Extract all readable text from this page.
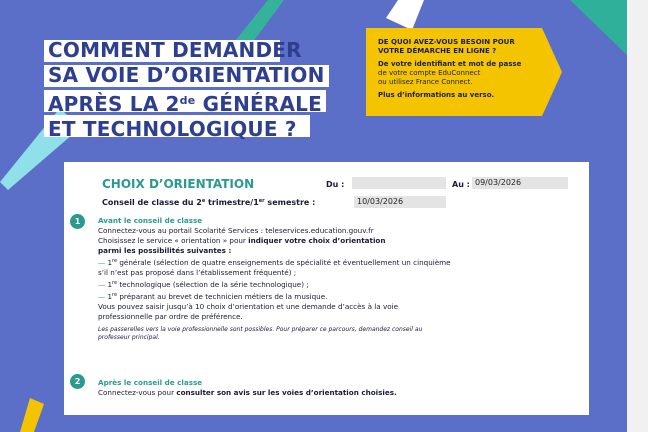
COMMENT DEMANDER
SA VOIE D’ORIENTATION
APRÈS LA 2de GÉNÉRALE
ET TECHNOLOGIQUE ?

DE QUOI AVEZ-VOUS BESOIN POUR
VOTRE DÉMARCHE EN LIGNE ?

De votre identifiant et mot de passe
de votre compte EduConnect
ou utilisez France Connect.

Plus d’informations au verso.

CHOIX D’ORIENTATION	Du :	Au : 09/03/2026
Conseil de classe du 2e trimestre/1er semestre :	10/03/2026
1	Avant le conseil de classe
Connectez-vous au portail Scolarité Services : teleservices.education.gouv.fr
Choisissez le service « orientation » pour indiquer votre choix d’orientation
parmi les possibilités suivantes :
— 1re générale (sélection de quatre enseignements de spécialité et éventuellement un cinquième
s’il n’est pas proposé dans l’établissement fréquenté) ;
— 1re technologique (sélection de la série technologique) ;
— 1re préparant au brevet de technicien métiers de la musique.
Vous pouvez saisir jusqu’à 10 choix d’orientation et une demande d’accès à la voie
professionnelle par ordre de préférence.
Les passerelles vers la voie professionnelle sont possibles. Pour préparer ce parcours, demandez conseil au
professeur principal.
2	Après le conseil de classe
Connectez-vous pour consulter son avis sur les voies d’orientation choisies.
